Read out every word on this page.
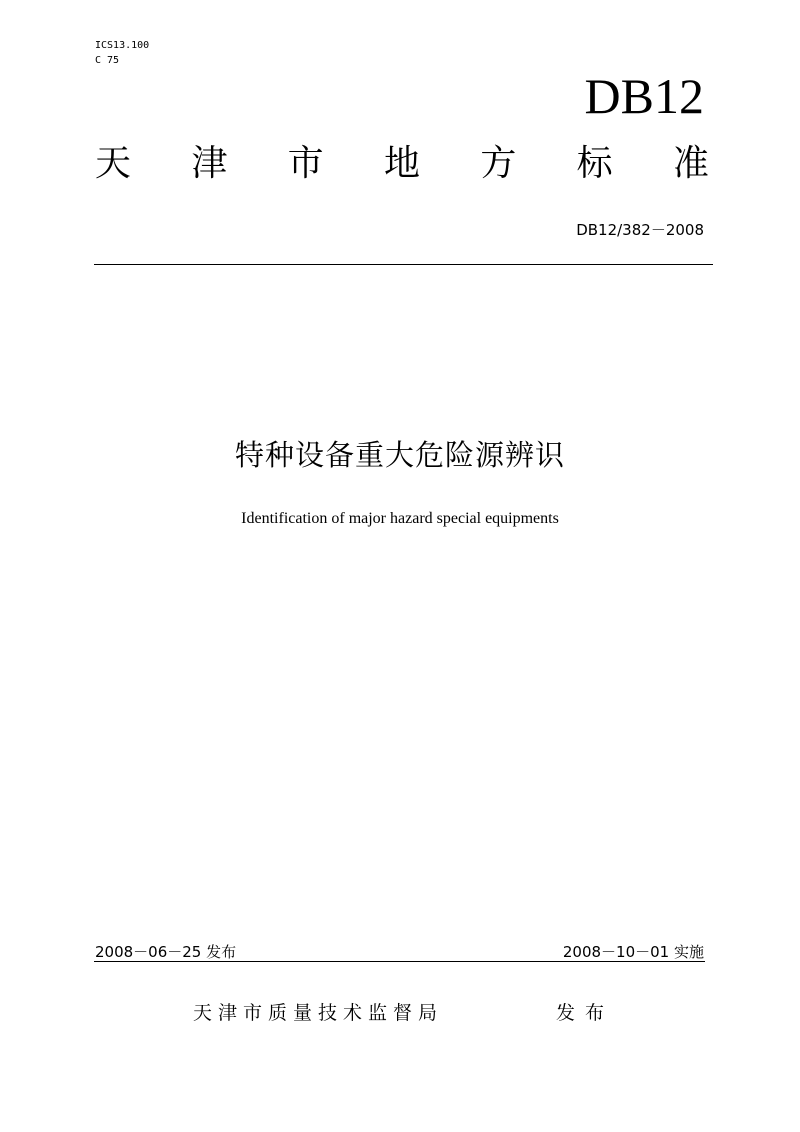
ICS13.100
C 75
DB12
天 津 市 地 方 标 准
DB12/382－2008
特种设备重大危险源辨识
Identification of major hazard special equipments
2008－06－25 发布	2008－10－01 实施
天津市质量技术监督局	发布
